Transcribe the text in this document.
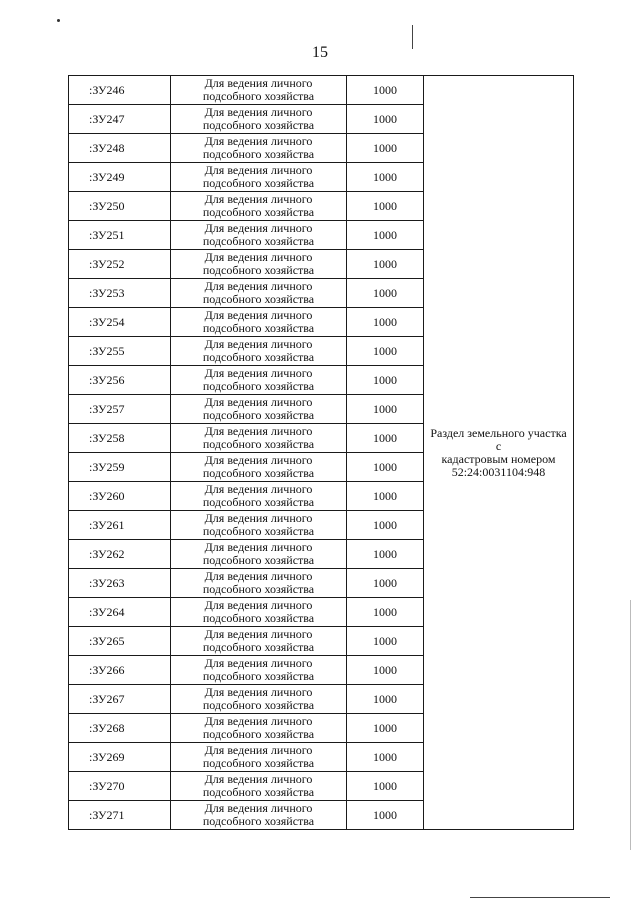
15
:ЗУ246	Для ведения личного
подсобного хозяйства	1000	Раздел земельного участка с
кадастровым номером
52:24:0031104:948

:ЗУ247	Для ведения личного
подсобного хозяйства	1000	
:ЗУ248	Для ведения личного
подсобного хозяйства	1000	
:ЗУ249	Для ведения личного
подсобного хозяйства	1000	
:ЗУ250	Для ведения личного
подсобного хозяйства	1000	
:ЗУ251	Для ведения личного
подсобного хозяйства	1000	
:ЗУ252	Для ведения личного
подсобного хозяйства	1000	
:ЗУ253	Для ведения личного
подсобного хозяйства	1000	
:ЗУ254	Для ведения личного
подсобного хозяйства	1000	
:ЗУ255	Для ведения личного
подсобного хозяйства	1000	
:ЗУ256	Для ведения личного
подсобного хозяйства	1000	
:ЗУ257	Для ведения личного
подсобного хозяйства	1000	
:ЗУ258	Для ведения личного
подсобного хозяйства	1000	
:ЗУ259	Для ведения личного
подсобного хозяйства	1000	
:ЗУ260	Для ведения личного
подсобного хозяйства	1000	
:ЗУ261	Для ведения личного
подсобного хозяйства	1000	
:ЗУ262	Для ведения личного
подсобного хозяйства	1000	
:ЗУ263	Для ведения личного
подсобного хозяйства	1000	
:ЗУ264	Для ведения личного
подсобного хозяйства	1000	
:ЗУ265	Для ведения личного
подсобного хозяйства	1000	
:ЗУ266	Для ведения личного
подсобного хозяйства	1000	
:ЗУ267	Для ведения личного
подсобного хозяйства	1000	
:ЗУ268	Для ведения личного
подсобного хозяйства	1000	
:ЗУ269	Для ведения личного
подсобного хозяйства	1000	
:ЗУ270	Для ведения личного
подсобного хозяйства	1000	
:ЗУ271	Для ведения личного
подсобного хозяйства	1000	
